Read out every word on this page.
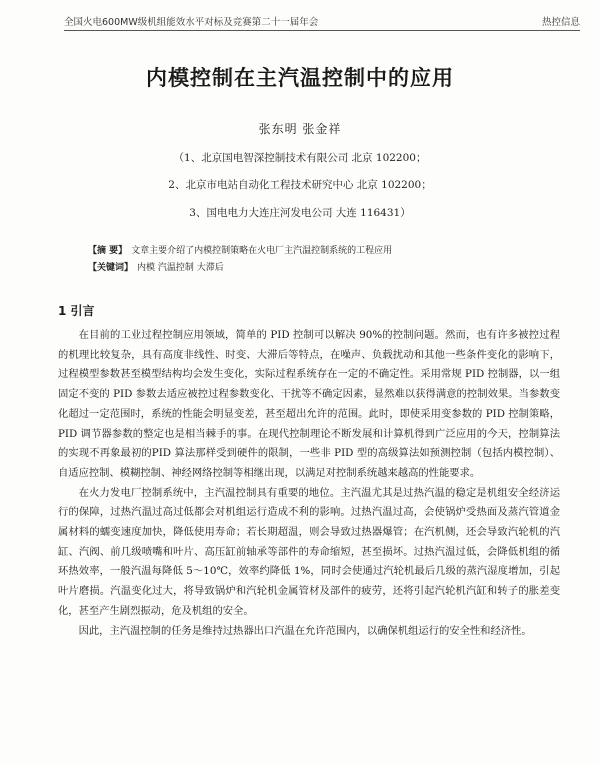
全国火电600MW级机组能效水平对标及竞赛第二十一届年会	热控信息
内模控制在主汽温控制中的应用
张东明 张金祥
（1、北京国电智深控制技术有限公司 北京 102200；
2、北京市电站自动化工程技术研究中心 北京 102200；
3、国电电力大连庄河发电公司 大连 116431）
【摘 要】 文章主要介绍了内模控制策略在火电厂主汽温控制系统的工程应用
【关键词】 内模 汽温控制 大滞后
1 引言

在目前的工业过程控制应用领域，简单的 PID 控制可以解决 90%的控制问题。然而，也有许多被控过程的机理比较复杂，具有高度非线性、时变、大滞后等特点，在噪声、负载扰动和其他一些条件变化的影响下，过程模型参数甚至模型结构均会发生变化，实际过程系统存在一定的不确定性。采用常规 PID 控制器，以一组固定不变的 PID 参数去适应被控过程参数变化、干扰等不确定因素，显然难以获得满意的控制效果。当参数变化超过一定范围时，系统的性能会明显变差，甚至超出允许的范围。此时，即使采用变参数的 PID 控制策略，PID 调节器参数的整定也是相当棘手的事。在现代控制理论不断发展和计算机得到广泛应用的今天，控制算法的实现不再象最初的PID 算法那样受到硬件的限制，一些非 PID 型的高级算法如预测控制（包括内模控制）、自适应控制、模糊控制、神经网络控制等相继出现，以满足对控制系统越来越高的性能要求。

在火力发电厂控制系统中，主汽温控制具有重要的地位。主汽温尤其是过热汽温的稳定是机组安全经济运行的保障，过热汽温过高过低都会对机组运行造成不利的影响。过热汽温过高，会使锅炉受热面及蒸汽管道金属材料的蠕变速度加快，降低使用寿命；若长期超温，则会导致过热器爆管；在汽机侧，还会导致汽轮机的汽缸、汽阀、前几级喷嘴和叶片、高压缸前轴承等部件的寿命缩短，甚至损坏。过热汽温过低，会降低机组的循环热效率，一般汽温每降低 5～10℃，效率约降低 1%，同时会使通过汽轮机最后几级的蒸汽湿度增加，引起叶片磨损。汽温变化过大，将导致锅炉和汽轮机金属管材及部件的疲劳，还将引起汽轮机汽缸和转子的胀差变化，甚至产生剧烈振动，危及机组的安全。

因此，主汽温控制的任务是维持过热器出口汽温在允许范围内，以确保机组运行的安全性和经济性。
